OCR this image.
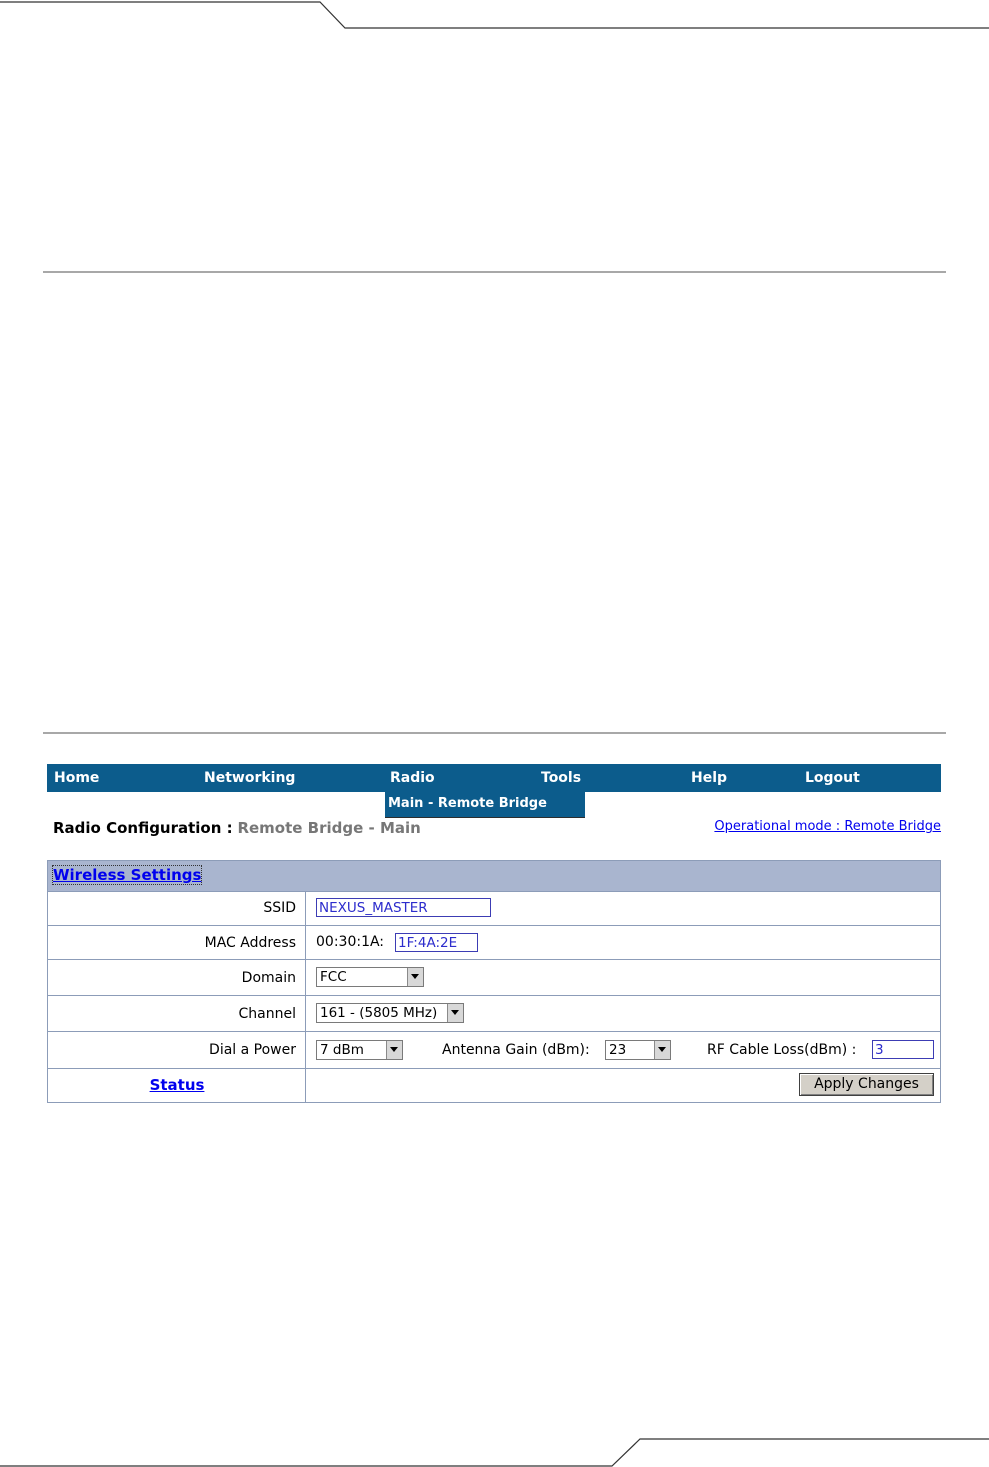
Home	Networking	Radio	Tools	Help	Logout
Main - Remote Bridge
Radio Configuration : Remote Bridge - Main	Operational mode : Remote Bridge
Wireless Settings
SSID	NEXUS_MASTER
MAC Address	00:30:1A: 1F:4A:2E
Domain	FCC
Channel	161 - (5805 MHz)
Dial a Power	7 dBm	Antenna Gain (dBm): 23	RF Cable Loss(dBm) : 3
Status	Apply Changes
